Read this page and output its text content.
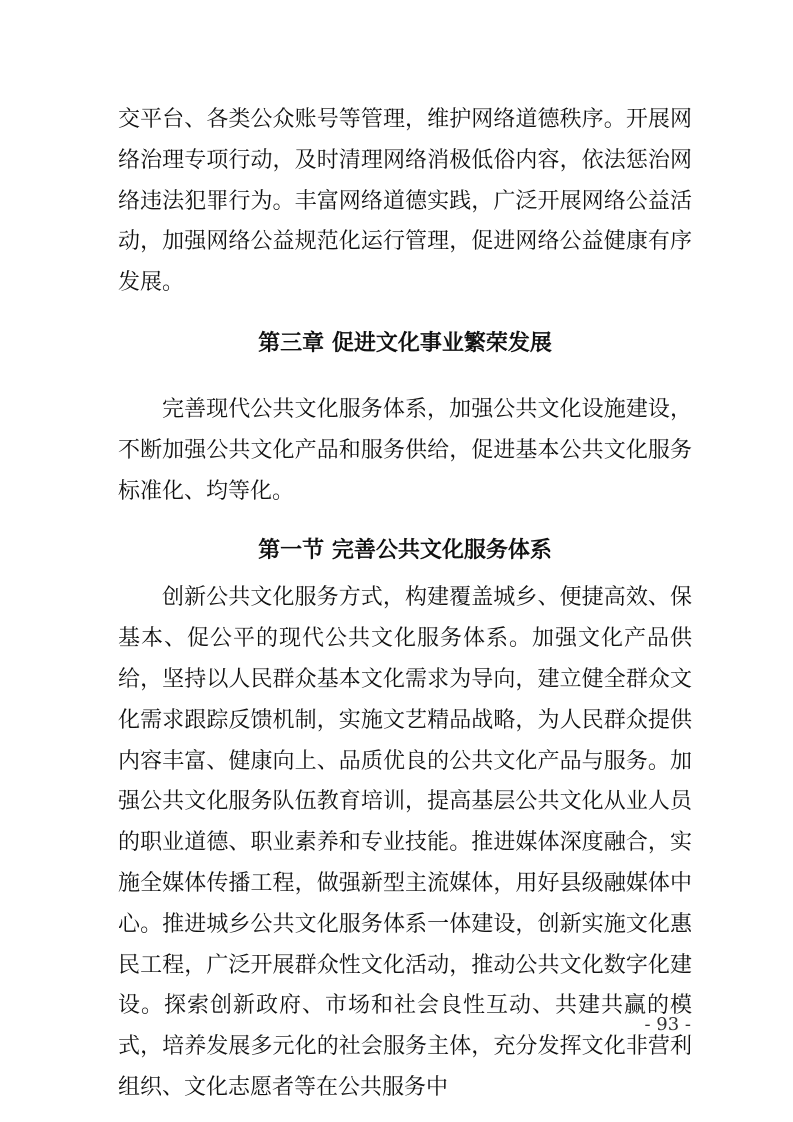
交平台、各类公众账号等管理，维护网络道德秩序。开展网络治理专项行动，及时清理网络消极低俗内容，依法惩治网络违法犯罪行为。丰富网络道德实践，广泛开展网络公益活动，加强网络公益规范化运行管理，促进网络公益健康有序发展。

第三章 促进文化事业繁荣发展

完善现代公共文化服务体系，加强公共文化设施建设，不断加强公共文化产品和服务供给，促进基本公共文化服务标准化、均等化。

第一节 完善公共文化服务体系

创新公共文化服务方式，构建覆盖城乡、便捷高效、保基本、促公平的现代公共文化服务体系。加强文化产品供给，坚持以人民群众基本文化需求为导向，建立健全群众文化需求跟踪反馈机制，实施文艺精品战略，为人民群众提供内容丰富、健康向上、品质优良的公共文化产品与服务。加强公共文化服务队伍教育培训，提高基层公共文化从业人员的职业道德、职业素养和专业技能。推进媒体深度融合，实施全媒体传播工程，做强新型主流媒体，用好县级融媒体中心。推进城乡公共文化服务体系一体建设，创新实施文化惠民工程，广泛开展群众性文化活动，推动公共文化数字化建设。探索创新政府、市场和社会良性互动、共建共赢的模式，培养发展多元化的社会服务主体，充分发挥文化非营利组织、文化志愿者等在公共服务中

- 93 -
